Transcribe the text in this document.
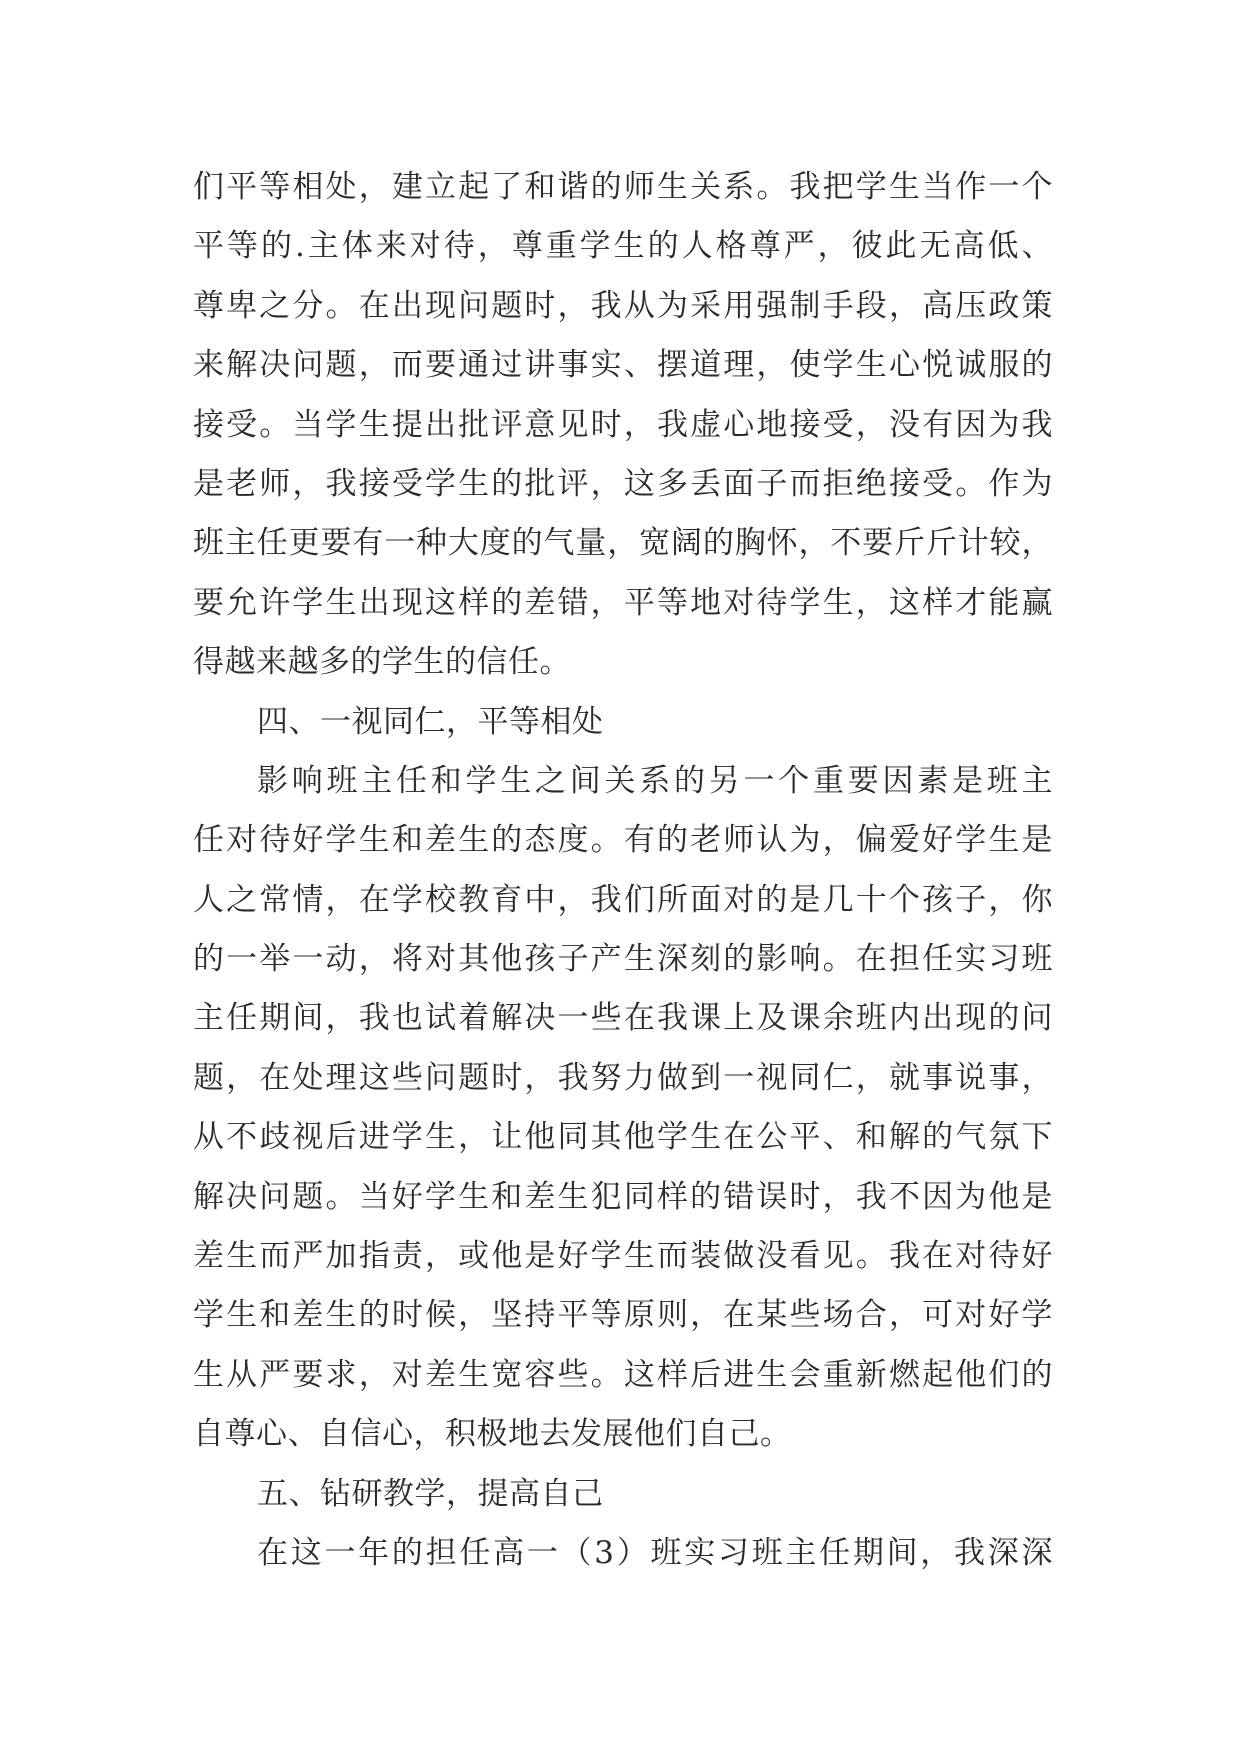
们平等相处，建立起了和谐的师生关系。我把学生当作一个
平等的.主体来对待，尊重学生的人格尊严，彼此无高低、
尊卑之分。在出现问题时，我从为采用强制手段，高压政策
来解决问题，而要通过讲事实、摆道理，使学生心悦诚服的
接受。当学生提出批评意见时，我虚心地接受，没有因为我
是老师，我接受学生的批评，这多丢面子而拒绝接受。作为
班主任更要有一种大度的气量，宽阔的胸怀，不要斤斤计较，
要允许学生出现这样的差错，平等地对待学生，这样才能赢
得越来越多的学生的信任。
四、一视同仁，平等相处
影响班主任和学生之间关系的另一个重要因素是班主
任对待好学生和差生的态度。有的老师认为，偏爱好学生是
人之常情，在学校教育中，我们所面对的是几十个孩子，你
的一举一动，将对其他孩子产生深刻的影响。在担任实习班
主任期间，我也试着解决一些在我课上及课余班内出现的问
题，在处理这些问题时，我努力做到一视同仁，就事说事，
从不歧视后进学生，让他同其他学生在公平、和解的气氛下
解决问题。当好学生和差生犯同样的错误时，我不因为他是
差生而严加指责，或他是好学生而装做没看见。我在对待好
学生和差生的时候，坚持平等原则，在某些场合，可对好学
生从严要求，对差生宽容些。这样后进生会重新燃起他们的
自尊心、自信心，积极地去发展他们自己。
五、钻研教学，提高自己
在这一年的担任高一（3）班实习班主任期间，我深深
